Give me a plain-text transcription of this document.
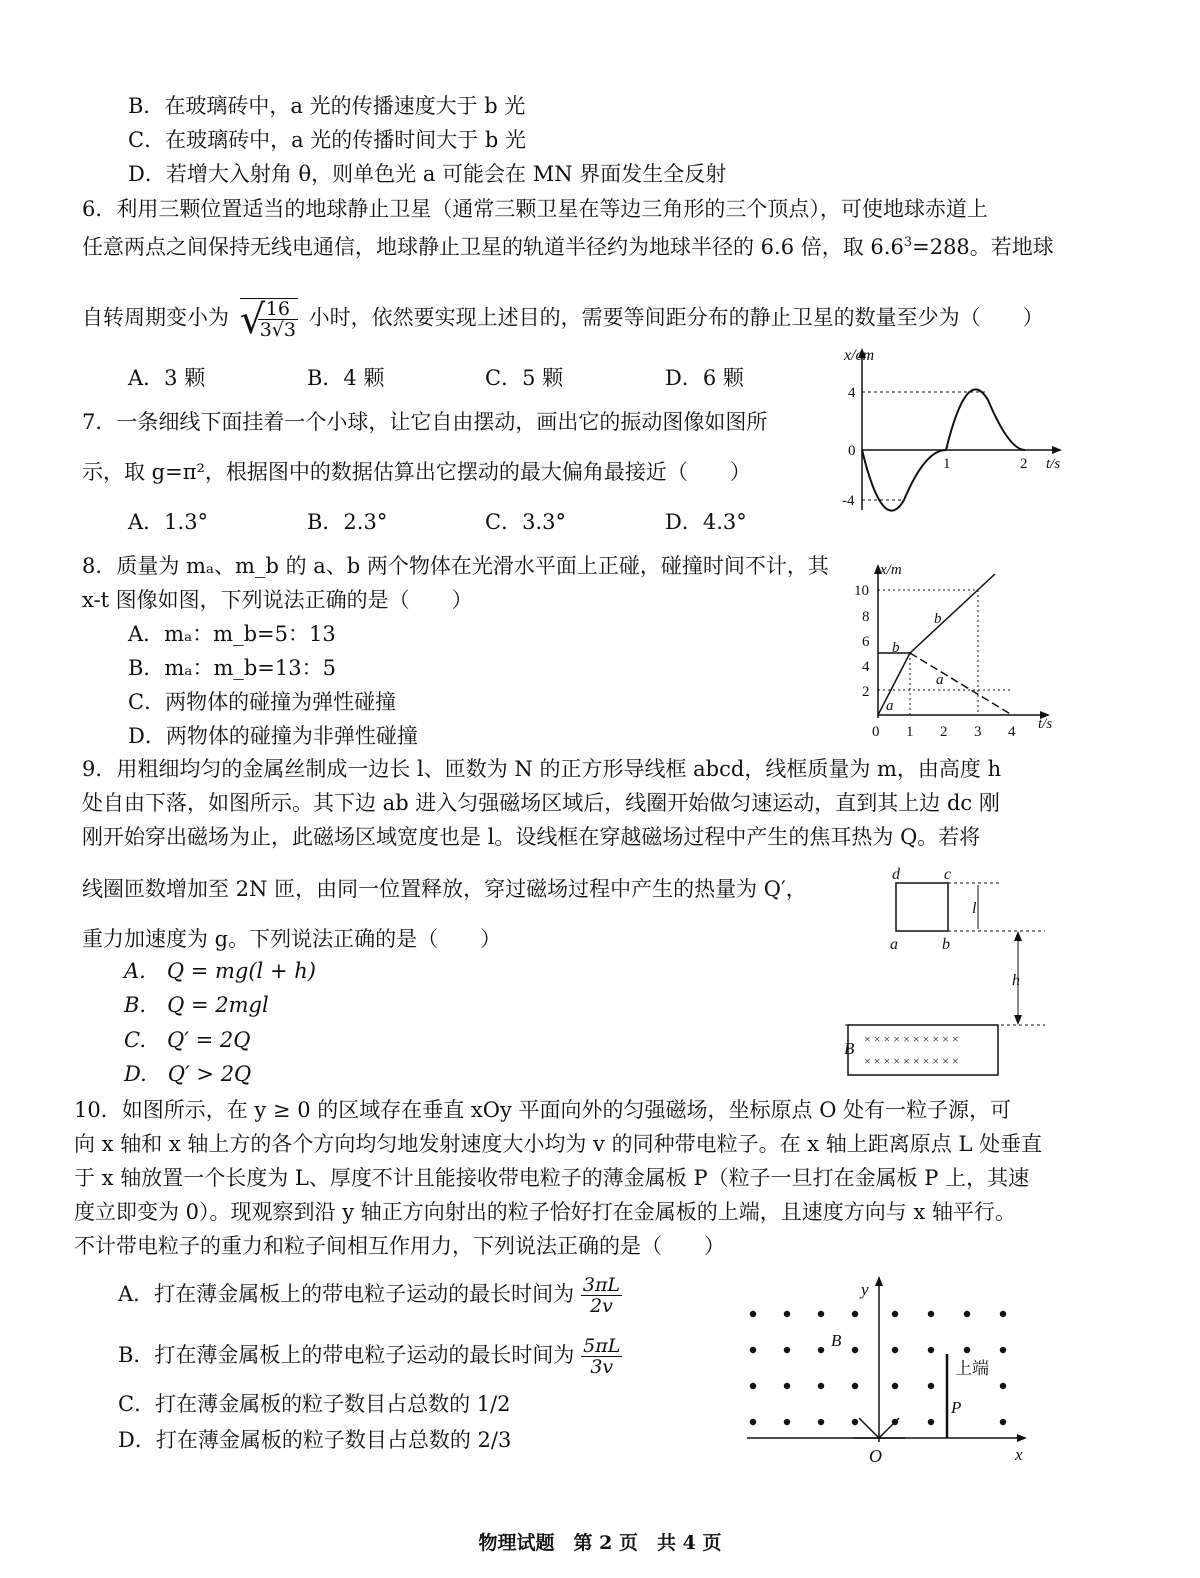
B．在玻璃砖中，a 光的传播速度大于 b 光
C．在玻璃砖中，a 光的传播时间大于 b 光
D．若增大入射角 θ，则单色光 a 可能会在 MN 界面发生全反射
6．利用三颗位置适当的地球静止卫星（通常三颗卫星在等边三角形的三个顶点），可使地球赤道上
任意两点之间保持无线电通信，地球静止卫星的轨道半径约为地球半径的 6.6 倍，取 $6.6^3=288$。若地球
自转周期变小为 √
$\frac{16}{3√3}$ 小时，依然要实现上述目的，需要等间距分布的静止卫星的数量至少为（　　）
A．3 颗	B．4 颗	C．5 颗	D．6 颗
7．一条细线下面挂着一个小球，让它自由摆动，画出它的振动图像如图所
示，取 g=π²，根据图中的数据估算出它摆动的最大偏角最接近（　　）
A．1.3°	B．2.3°	C．3.3°	D．4.3°
x/cm
4
0
-4
1	2 t/s
8．质量为 mₐ、m_b 的 a、b 两个物体在光滑水平面上正碰，碰撞时间不计，其
x-t 图像如图，下列说法正确的是（　　）
A．mₐ：m_b=5：13
B．mₐ：m_b=13：5
C．两物体的碰撞为弹性碰撞
D．两物体的碰撞为非弹性碰撞
x/m
10
8
6
4
2
0 1 2 3 4 t/s
b
b
a
a
9．用粗细均匀的金属丝制成一边长 l、匝数为 N 的正方形导线框 abcd，线框质量为 m，由高度 h
处自由下落，如图所示。其下边 ab 进入匀强磁场区域后，线圈开始做匀速运动，直到其上边 dc 刚
刚开始穿出磁场为止，此磁场区域宽度也是 l。设线框在穿越磁场过程中产生的焦耳热为 Q。若将
线圈匝数增加至 2N 匝，由同一位置释放，穿过磁场过程中产生的热量为 Q′，
重力加速度为 g。下列说法正确的是（　　）
A.　Q = mg(l + h)
B.　Q = 2mgl
C.　Q′ = 2Q
D.　Q′ > 2Q
B × × × × × × × × × ×
× × × × × × × × × ×
d	c
a	b
l
h
10．如图所示，在 y ≥ 0 的区域存在垂直 xOy 平面向外的匀强磁场，坐标原点 O 处有一粒子源，可
向 x 轴和 x 轴上方的各个方向均匀地发射速度大小均为 v 的同种带电粒子。在 x 轴上距离原点 L 处垂直
于 x 轴放置一个长度为 L、厚度不计且能接收带电粒子的薄金属板 P（粒子一旦打在金属板 P 上，其速
度立即变为 0）。现观察到沿 y 轴正方向射出的粒子恰好打在金属板的上端，且速度方向与 x 轴平行。
不计带电粒子的重力和粒子间相互作用力，下列说法正确的是（　　）
A．打在薄金属板上的带电粒子运动的最长时间为 $\frac{3\pi L}{2v}$
B．打在薄金属板上的带电粒子运动的最长时间为 $\frac{5\pi L}{3v}$
C．打在薄金属板的粒子数目占总数的 1/2
D．打在薄金属板的粒子数目占总数的 2/3
y
x
O
B
P
上端
物理试题　第 2 页　共 4 页
